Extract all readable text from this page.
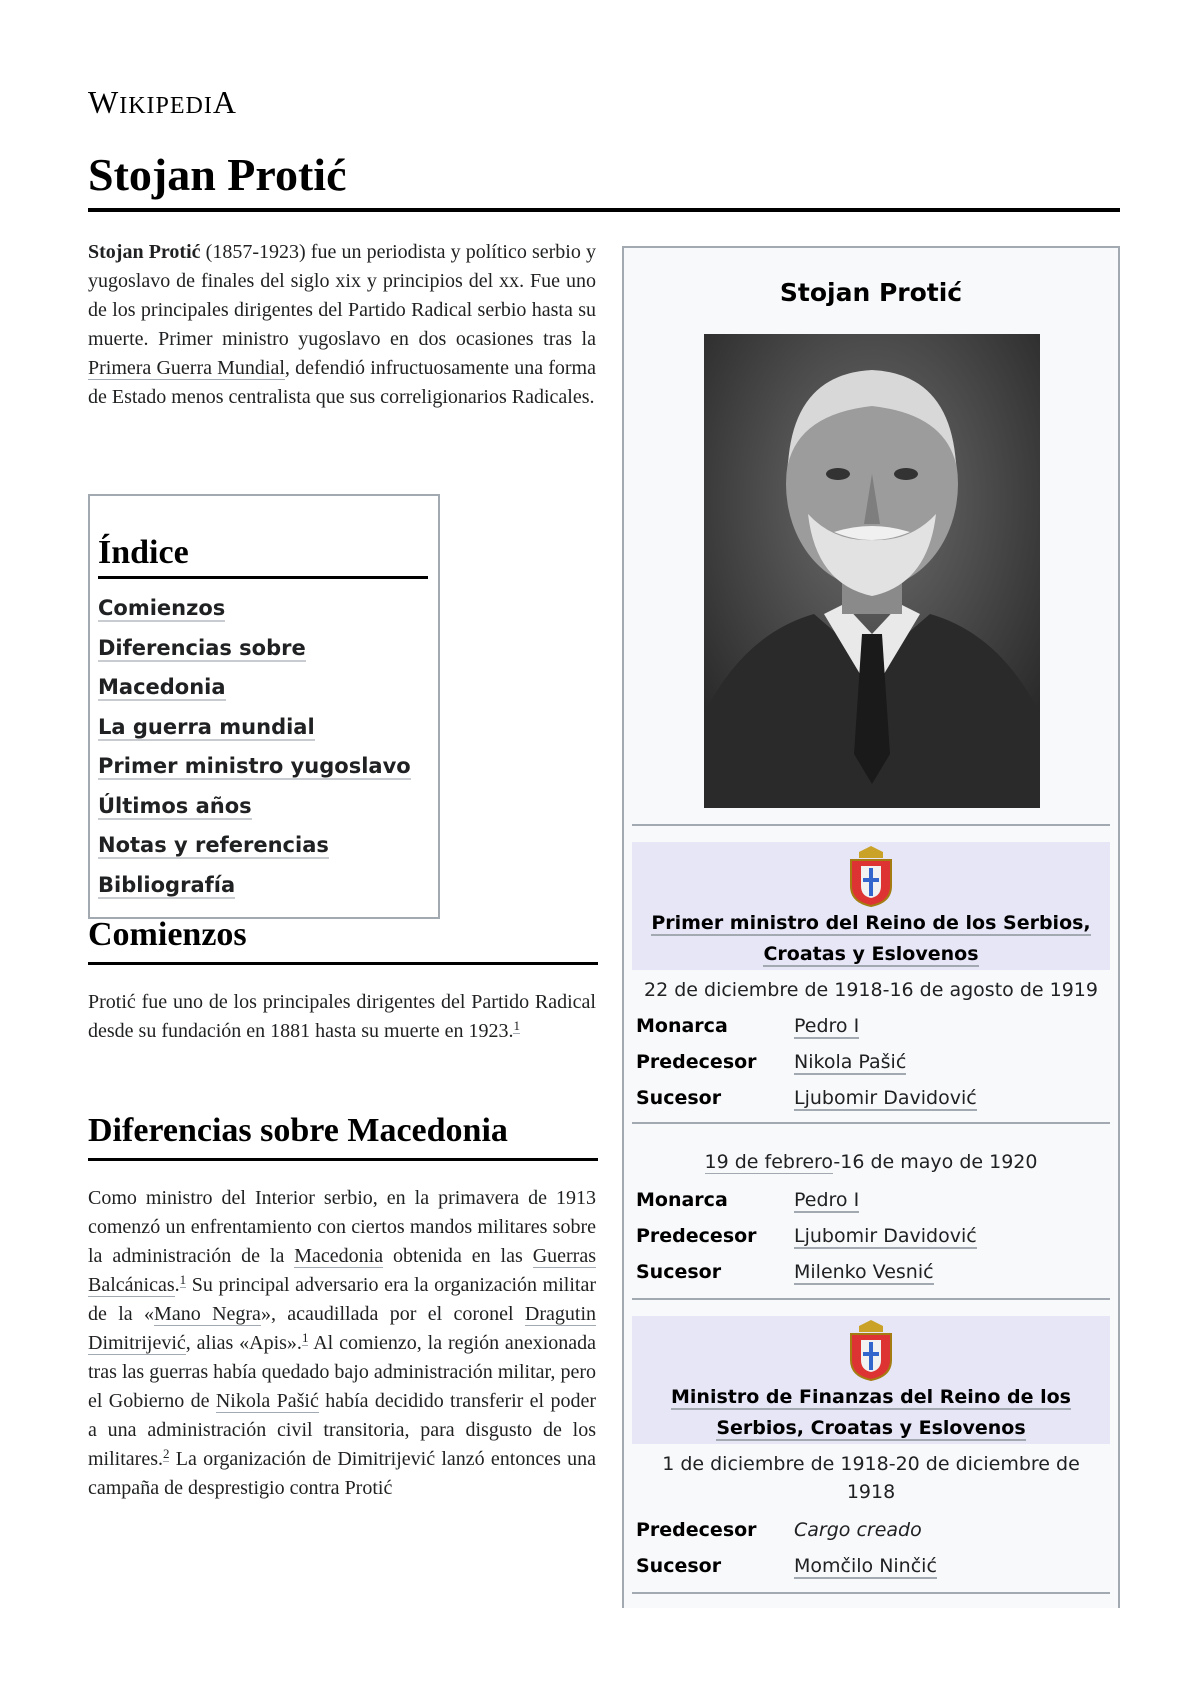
WIKIPEDIA
Stojan Protić

Stojan Protić (1857-1923) fue un periodista y político serbio y yugoslavo de finales del siglo xix y principios del xx. Fue uno de los principales dirigentes del Partido Radical serbio hasta su muerte. Primer ministro yugoslavo en dos ocasiones tras la Primera Guerra Mundial, defendió infructuosamente una forma de Estado menos centralista que sus correligionarios Radicales.

Índice
Comienzos
Diferencias sobre Macedonia
La guerra mundial
Primer ministro yugoslavo
Últimos años
Notas y referencias
Bibliografía
Comienzos

Protić fue uno de los principales dirigentes del Partido Radical desde su fundación en 1881 hasta su muerte en 1923.$^1$

Diferencias sobre Macedonia

Como ministro del Interior serbio, en la primavera de 1913 comenzó un enfrentamiento con ciertos mandos militares sobre la administración de la Macedonia obtenida en las Guerras Balcánicas.$^1$ Su principal adversario era la organización militar de la «Mano Negra», acaudillada por el coronel Dragutin Dimitrijević, alias «Apis».$^1$ Al comienzo, la región anexionada tras las guerras había quedado bajo administración militar, pero el Gobierno de Nikola Pašić había decidido transferir el poder a una administración civil transitoria, para disgusto de los militares.$^2$ La organización de Dimitrijević lanzó entonces una campaña de desprestigio contra Protić

Stojan Protić
Primer ministro del Reino de los Serbios,
Croatas y Eslovenos
22 de diciembre de 1918-16 de agosto de 1919
Monarca	Pedro I
Predecesor Nikola Pašić
Sucesor	Ljubomir Davidović
19 de febrero-16 de mayo de 1920
Monarca	Pedro I
Predecesor Ljubomir Davidović
Sucesor	Milenko Vesnić
Ministro de Finanzas del Reino de los
Serbios, Croatas y Eslovenos
1 de diciembre de 1918-20 de diciembre de
1918
Predecesor Cargo creado
Sucesor	Momčilo Ninčić
